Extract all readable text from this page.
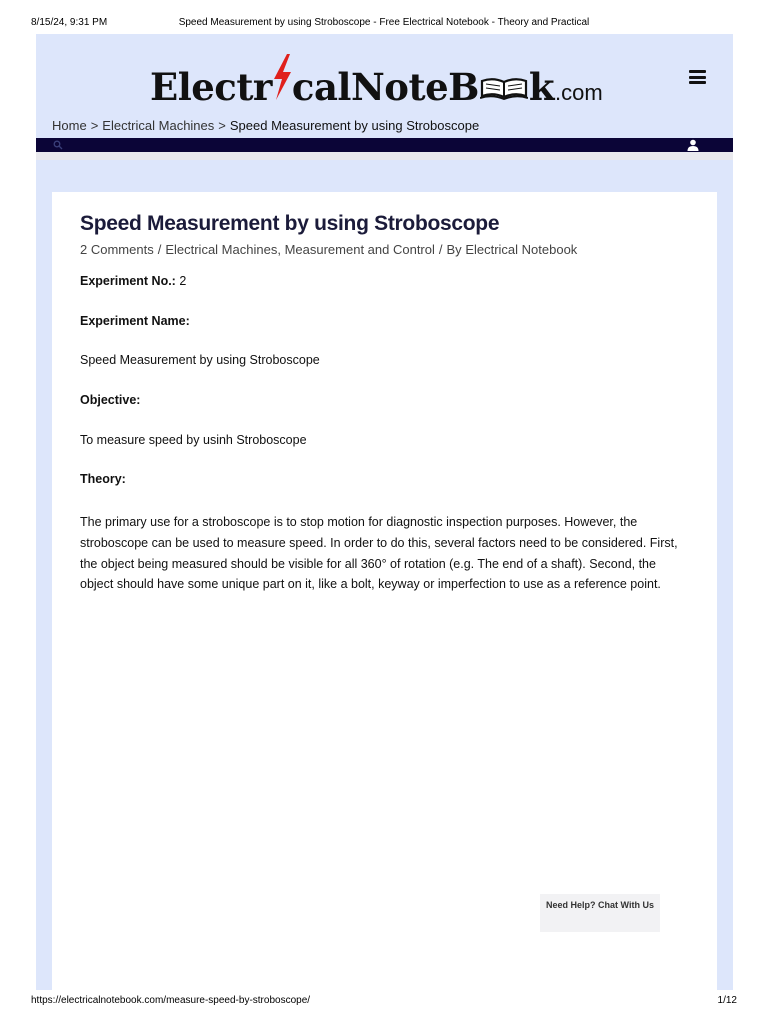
8/15/24, 9:31 PM	Speed Measurement by using Stroboscope - Free Electrical Notebook - Theory and Practical
Electr calNoteB k .com
Home > Electrical Machines > Speed Measurement by using Stroboscope
Speed Measurement by using Stroboscope
2 Comments / Electrical Machines, Measurement and Control / By Electrical Notebook
Experiment No.: 2
Experiment Name:
Speed Measurement by using Stroboscope
Objective:
To measure speed by usinh Stroboscope
Theory:

The primary use for a stroboscope is to stop motion for diagnostic inspection purposes. However, the stroboscope can be used to measure speed. In order to do this, several factors need to be considered. First, the object being measured should be visible for all 360° of rotation (e.g. The end of a shaft). Second, the object should have some unique part on it, like a bolt, keyway or imperfection to use as a reference point.

Need Help? Chat With Us
https://electricalnotebook.com/measure-speed-by-stroboscope/	1/12
